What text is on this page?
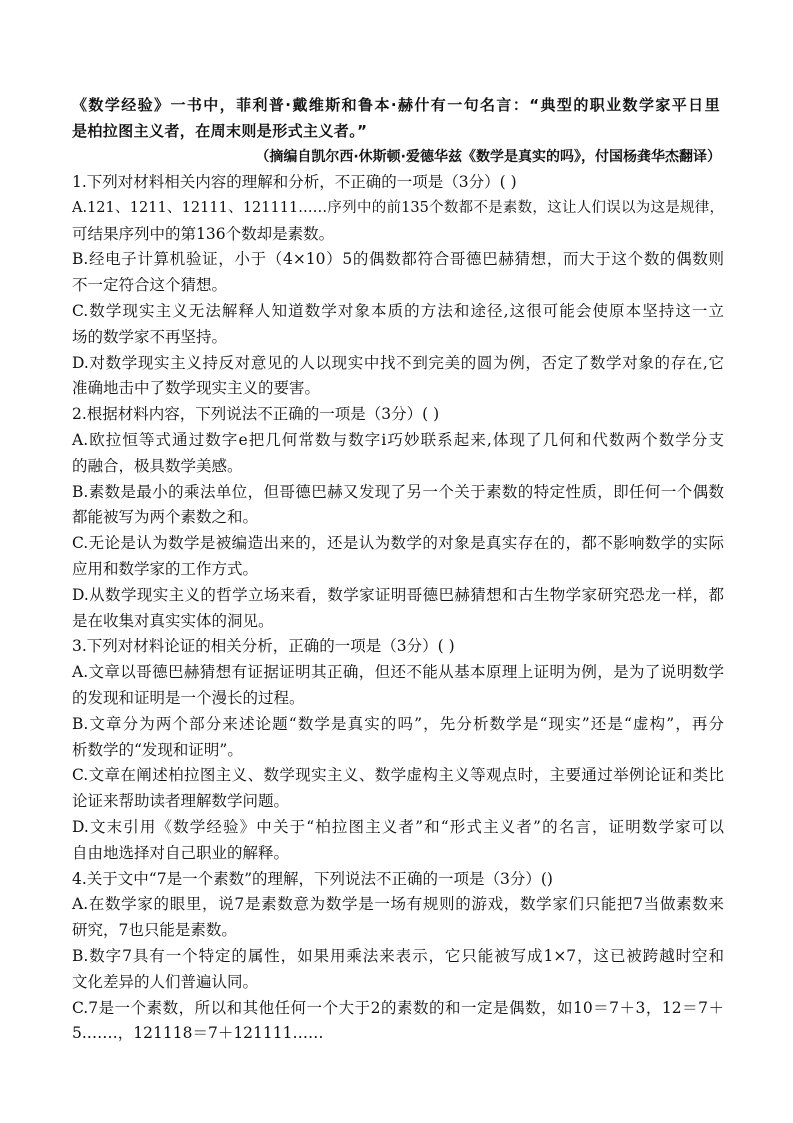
《数学经验》一书中，菲利普·戴维斯和鲁本·赫什有一句名言：“典型的职业数学家平日里
是柏拉图主义者，在周末则是形式主义者。”
（摘编自凯尔西·休斯顿·爱德华兹《数学是真实的吗》，付国杨龚华杰翻译）
1.下列对材料相关内容的理解和分析，不正确的一项是（3分）( )
A.121、1211、12111、121111……序列中的前135个数都不是素数，这让人们误以为这是规律，
可结果序列中的第136个数却是素数。
B.经电子计算机验证，小于（4×10）5的偶数都符合哥德巴赫猜想，而大于这个数的偶数则
不一定符合这个猜想。
C.数学现实主义无法解释人知道数学对象本质的方法和途径,这很可能会使原本坚持这一立
场的数学家不再坚持。
D.对数学现实主义持反对意见的人以现实中找不到完美的圆为例，否定了数学对象的存在,它
准确地击中了数学现实主义的要害。
2.根据材料内容，下列说法不正确的一项是（3分）( )
A.欧拉恒等式通过数字e把几何常数与数字i巧妙联系起来,体现了几何和代数两个数学分支
的融合，极具数学美感。
B.素数是最小的乘法单位，但哥德巴赫又发现了另一个关于素数的特定性质，即任何一个偶数
都能被写为两个素数之和。
C.无论是认为数学是被编造出来的，还是认为数学的对象是真实存在的，都不影响数学的实际
应用和数学家的工作方式。
D.从数学现实主义的哲学立场来看，数学家证明哥德巴赫猜想和古生物学家研究恐龙一样，都
是在收集对真实实体的洞见。
3.下列对材料论证的相关分析，正确的一项是（3分）( )
A.文章以哥德巴赫猜想有证据证明其正确，但还不能从基本原理上证明为例，是为了说明数学
的发现和证明是一个漫长的过程。
B.文章分为两个部分来述论题“数学是真实的吗”，先分析数学是“现实”还是“虚构”，再分
析数学的“发现和证明”。
C.文章在阐述柏拉图主义、数学现实主义、数学虚构主义等观点时，主要通过举例论证和类比
论证来帮助读者理解数学问题。
D.文末引用《数学经验》中关于“柏拉图主义者”和“形式主义者”的名言，证明数学家可以
自由地选择对自己职业的解释。
4.关于文中“7是一个素数”的理解，下列说法不正确的一项是（3分）()
A.在数学家的眼里，说7是素数意为数学是一场有规则的游戏，数学家们只能把7当做素数来
研究，7也只能是素数。
B.数字7具有一个特定的属性，如果用乘法来表示，它只能被写成1×7，这已被跨越时空和
文化差异的人们普遍认同。
C.7是一个素数，所以和其他任何一个大于2的素数的和一定是偶数，如10＝7＋3，12＝7＋
5.……，121118＝7＋121111……
